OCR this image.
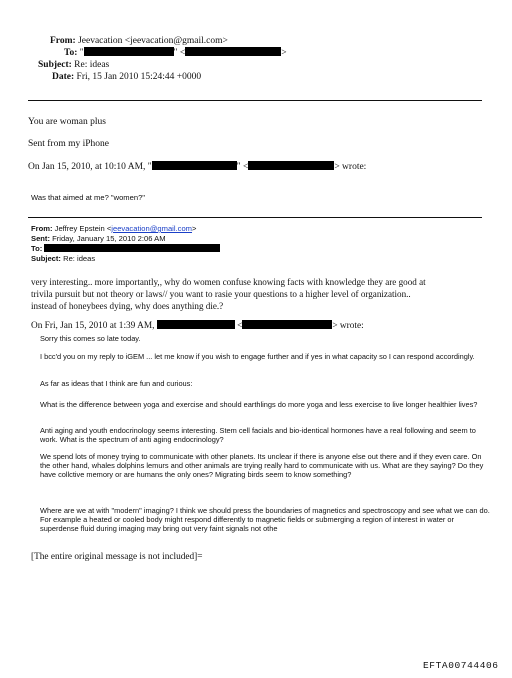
From: Jeevacation <jeevacation@gmail.com>
To: "	" <	>
Subject: Re: ideas
Date: Fri, 15 Jan 2010 15:24:44 +0000
You are woman plus
Sent from my iPhone
On Jan 15, 2010, at 10:10 AM, "	" <	> wrote:
Was that aimed at me? "women?"
From: Jeffrey Epstein <jeevacation@gmail.com>
Sent: Friday, January 15, 2010 2:06 AM
To:
Subject: Re: ideas
very interesting.. more importantly,, why do women confuse knowing facts with knowledge they are good at
trivila pursuit but not theory or laws// you want to rasie your questions to a higher level of organization..
instead of honeybees dying, why does anything die.?
On Fri, Jan 15, 2010 at 1:39 AM,	<	> wrote:
Sorry this comes so late today.
I bcc'd you on my reply to iGEM ... let me know if you wish to engage further and if yes in what capacity so I can respond accordingly.
As far as ideas that I think are fun and curious:
What is the difference between yoga and exercise and should earthlings do more yoga and less exercise to live longer healthier lives?
Anti aging and youth endocrinology seems interesting. Stem cell facials and bio-identical hormones have a real following and seem to work. What is the spectrum of anti aging endocrinology?
We spend lots of money trying to communicate with other planets. Its unclear if there is anyone else out there and if they even care. On the other hand, whales dolphins lemurs and other animals are trying really hard to communicate with us. What are they saying? Do they have collctive memory or are humans the only ones? Migrating birds seem to know something?
Where are we at with "modern" imaging? I think we should press the boundaries of magnetics and spectroscopy and see what we can do. For example a heated or cooled body might respond differently to magnetic fields or submerging a region of interest in water or superdense fluid during imaging may bring out very faint signals not othe
[The entire original message is not included]=
EFTA00744406
